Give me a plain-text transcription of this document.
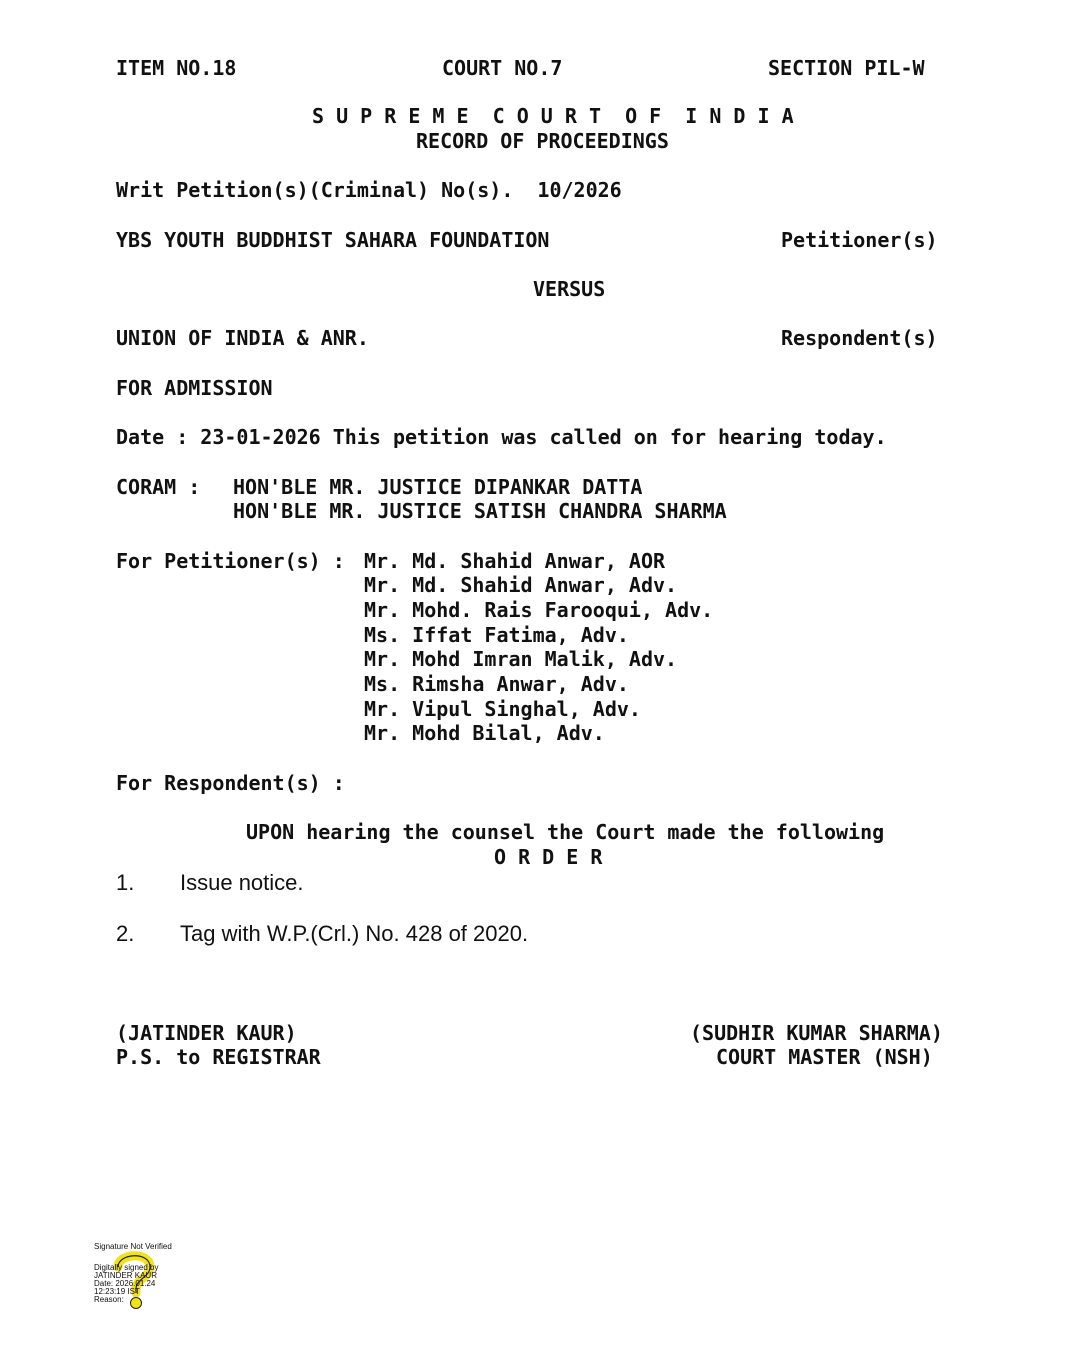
ITEM NO.18	COURT NO.7	SECTION PIL-W
S U P R E M E  C O U R T  O F  I N D I A
RECORD OF PROCEEDINGS
Writ Petition(s)(Criminal) No(s).  10/2026
YBS YOUTH BUDDHIST SAHARA FOUNDATION	Petitioner(s)
VERSUS
UNION OF INDIA & ANR.	Respondent(s)
FOR ADMISSION
Date : 23-01-2026 This petition was called on for hearing today.
CORAM : HON'BLE MR. JUSTICE DIPANKAR DATTA
HON'BLE MR. JUSTICE SATISH CHANDRA SHARMA
For Petitioner(s) : Mr. Md. Shahid Anwar, AOR
Mr. Md. Shahid Anwar, Adv.
Mr. Mohd. Rais Farooqui, Adv.
Ms. Iffat Fatima, Adv.
Mr. Mohd Imran Malik, Adv.
Ms. Rimsha Anwar, Adv.
Mr. Vipul Singhal, Adv.
Mr. Mohd Bilal, Adv.
For Respondent(s) :
UPON hearing the counsel the Court made the following
O R D E R
1. Issue notice.
2. Tag with W.P.(Crl.) No. 428 of 2020.
(JATINDER KAUR)
P.S. to REGISTRAR
(SUDHIR KUMAR SHARMA)
COURT MASTER (NSH)
Signature Not Verified
Digitally signed by
JATINDER KAUR
Date: 2026.01.24
12:23:19 IST
Reason:
